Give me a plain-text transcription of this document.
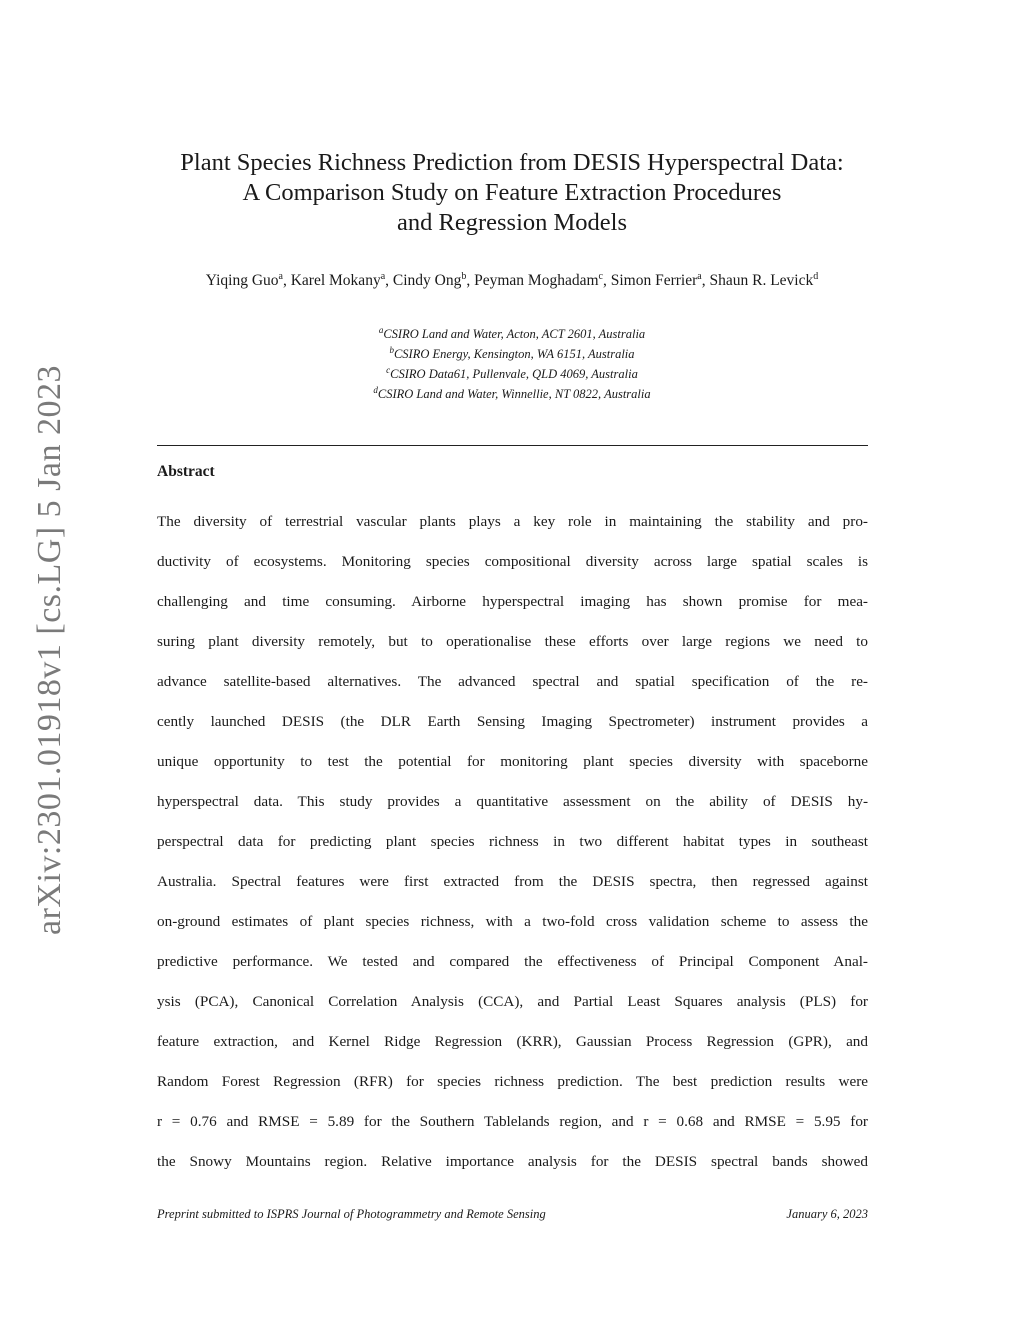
arXiv:2301.01918v1 [cs.LG] 5 Jan 2023
Plant Species Richness Prediction from DESIS Hyperspectral Data:
A Comparison Study on Feature Extraction Procedures
and Regression Models
Yiqing Guo$^a$, Karel Mokany$^a$, Cindy Ong$^b$, Peyman Moghadam$^c$, Simon Ferrier$^a$, Shaun R. Levick$^d$
$^a$CSIRO Land and Water, Acton, ACT 2601, Australia
$^b$CSIRO Energy, Kensington, WA 6151, Australia
$^c$CSIRO Data61, Pullenvale, QLD 4069, Australia
$^d$CSIRO Land and Water, Winnellie, NT 0822, Australia
Abstract
The diversity of terrestrial vascular plants plays a key role in maintaining the stability and pro-
ductivity of ecosystems. Monitoring species compositional diversity across large spatial scales is
challenging and time consuming. Airborne hyperspectral imaging has shown promise for mea-
suring plant diversity remotely, but to operationalise these efforts over large regions we need to
advance satellite-based alternatives. The advanced spectral and spatial specification of the re-
cently launched DESIS (the DLR Earth Sensing Imaging Spectrometer) instrument provides a
unique opportunity to test the potential for monitoring plant species diversity with spaceborne
hyperspectral data. This study provides a quantitative assessment on the ability of DESIS hy-
perspectral data for predicting plant species richness in two different habitat types in southeast
Australia. Spectral features were first extracted from the DESIS spectra, then regressed against
on-ground estimates of plant species richness, with a two-fold cross validation scheme to assess the
predictive performance. We tested and compared the effectiveness of Principal Component Anal-
ysis (PCA), Canonical Correlation Analysis (CCA), and Partial Least Squares analysis (PLS) for
feature extraction, and Kernel Ridge Regression (KRR), Gaussian Process Regression (GPR), and
Random Forest Regression (RFR) for species richness prediction. The best prediction results were
r = 0.76 and RMSE = 5.89 for the Southern Tablelands region, and r = 0.68 and RMSE = 5.95 for
the Snowy Mountains region. Relative importance analysis for the DESIS spectral bands showed
Preprint submitted to ISPRS Journal of Photogrammetry and Remote Sensing	January 6, 2023
